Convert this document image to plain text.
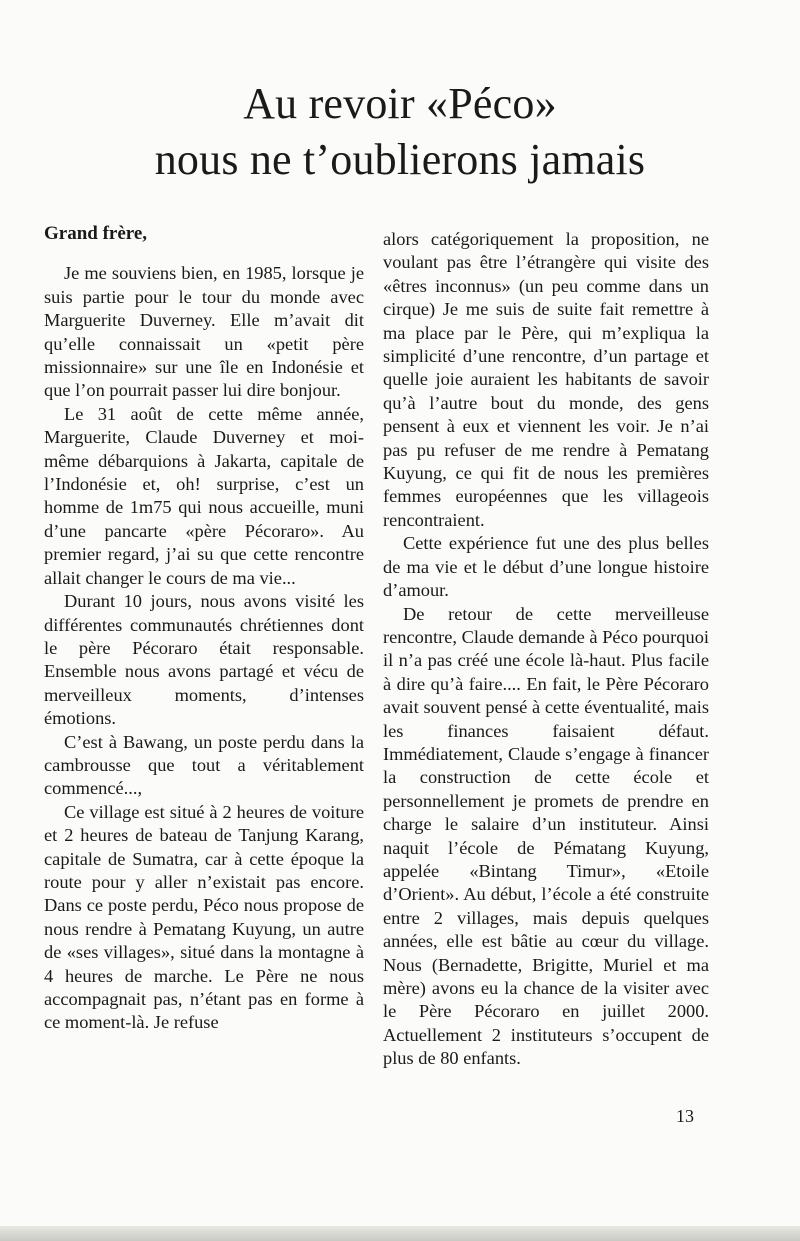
Au revoir «Péco»
nous ne t’oublierons jamais

Grand frère,

Je me souviens bien, en 1985, lorsque je suis partie pour le tour du monde avec Marguerite Duverney. Elle m’avait dit qu’elle connaissait un «petit père missionnaire» sur une île en Indonésie et que l’on pourrait passer lui dire bonjour.

Le 31 août de cette même année, Marguerite, Claude Duverney et moi-même débarquions à Jakarta, capitale de l’Indonésie et, oh! surprise, c’est un homme de 1m75 qui nous accueille, muni d’une pancarte «père Pécoraro». Au premier regard, j’ai su que cette rencontre allait changer le cours de ma vie...

Durant 10 jours, nous avons visité les différentes communautés chrétiennes dont le père Pécoraro était responsable. Ensemble nous avons partagé et vécu de merveilleux moments, d’intenses émotions.

C’est à Bawang, un poste perdu dans la cambrousse que tout a véritablement commencé...,

Ce village est situé à 2 heures de voiture et 2 heures de bateau de Tanjung Karang, capitale de Sumatra, car à cette époque la route pour y aller n’existait pas encore. Dans ce poste perdu, Péco nous propose de nous rendre à Pematang Kuyung, un autre de «ses villages», situé dans la montagne à 4 heures de marche. Le Père ne nous accompagnait pas, n’étant pas en forme à ce moment-là. Je refuse

alors catégoriquement la proposition, ne voulant pas être l’étrangère qui visite des «êtres inconnus» (un peu comme dans un cirque) Je me suis de suite fait remettre à ma place par le Père, qui m’expliqua la simplicité d’une rencontre, d’un partage et quelle joie auraient les habitants de savoir qu’à l’autre bout du monde, des gens pensent à eux et viennent les voir. Je n’ai pas pu refuser de me rendre à Pematang Kuyung, ce qui fit de nous les premières femmes européennes que les villageois rencontraient.

Cette expérience fut une des plus belles de ma vie et le début d’une longue histoire d’amour.

De retour de cette merveilleuse rencontre, Claude demande à Péco pourquoi il n’a pas créé une école là-haut. Plus facile à dire qu’à faire.... En fait, le Père Pécoraro avait souvent pensé à cette éventualité, mais les finances faisaient défaut. Immédiatement, Claude s’engage à financer la construction de cette école et personnellement je promets de prendre en charge le salaire d’un instituteur. Ainsi naquit l’école de Pématang Kuyung, appelée «Bintang Timur», «Etoile d’Orient». Au début, l’école a été construite entre 2 villages, mais depuis quelques années, elle est bâtie au cœur du village. Nous (Bernadette, Brigitte, Muriel et ma mère) avons eu la chance de la visiter avec le Père Pécoraro en juillet 2000. Actuellement 2 instituteurs s’occupent de plus de 80 enfants.

13
